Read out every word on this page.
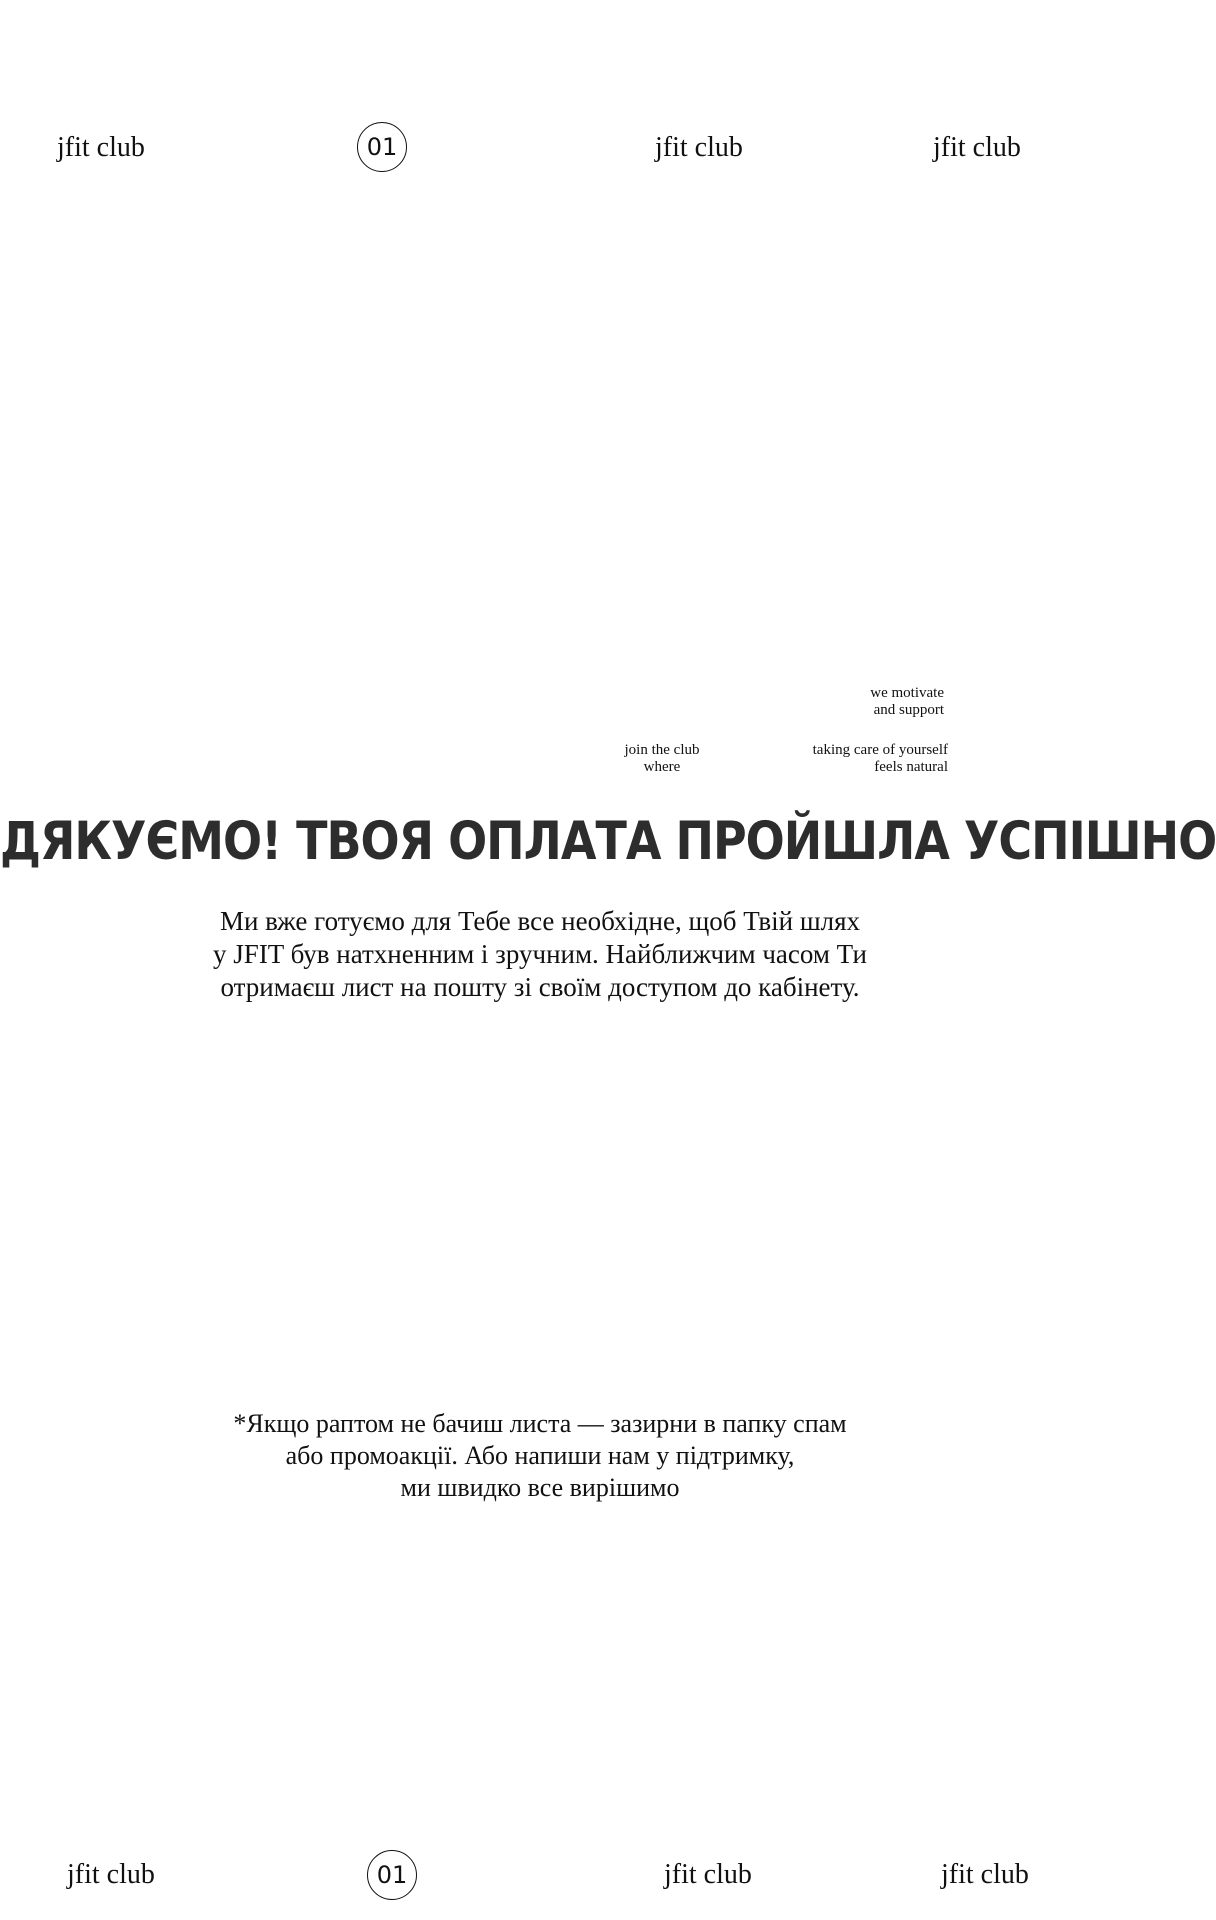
jfit club	01	jfit club	jfit club
we motivate
and support
join the club
where
taking care of yourself
feels natural
ДЯКУЄМО! ТВОЯ ОПЛАТА ПРОЙШЛА УСПІШНО
Ми вже готуємо для Тебе все необхідне, щоб Твій шлях
у JFIT був натхненним і зручним. Найближчим часом Ти
отримаєш лист на пошту зі своїм доступом до кабінету.
*Якщо раптом не бачиш листа — зазирни в папку спам
або промоакції. Або напиши нам у підтримку,
ми швидко все вирішимо
jfit club	01	jfit club	jfit club
